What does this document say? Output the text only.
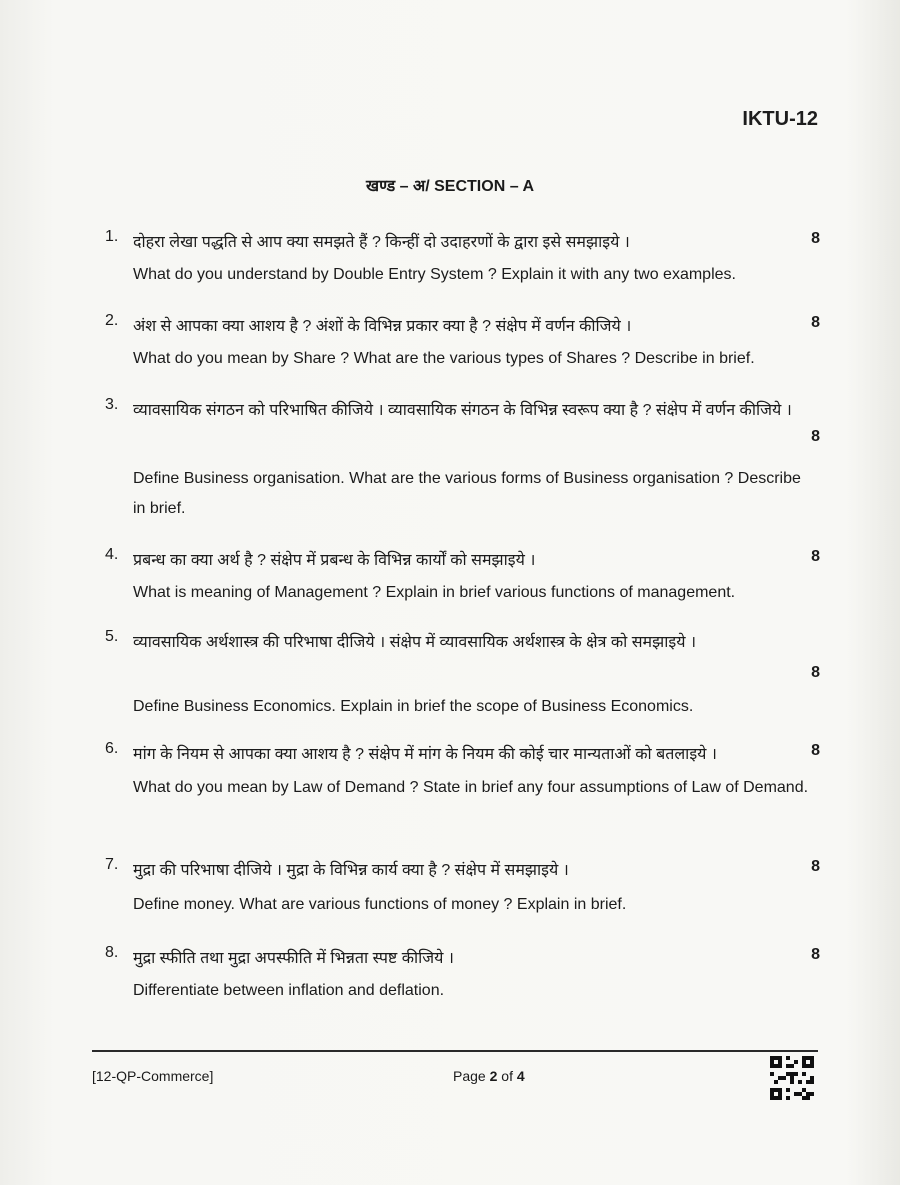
IKTU-12
खण्ड – अ/ SECTION – A
1. दोहरा लेखा पद्धति से आप क्या समझते हैं ? किन्हीं दो उदाहरणों के द्वारा इसे समझाइये ।	8
What do you understand by Double Entry System ? Explain it with any two examples.
2. अंश से आपका क्या आशय है ? अंशों के विभिन्न प्रकार क्या है ? संक्षेप में वर्णन कीजिये ।	8
What do you mean by Share ? What are the various types of Shares ? Describe in brief.
3. व्यावसायिक संगठन को परिभाषित कीजिये । व्यावसायिक संगठन के विभिन्न स्वरूप क्या है ? संक्षेप में वर्णन कीजिये ।
8
Define Business organisation. What are the various forms of Business organisation ? Describe in brief.
4. प्रबन्ध का क्या अर्थ है ? संक्षेप में प्रबन्ध के विभिन्न कार्यों को समझाइये ।	8
What is meaning of Management ? Explain in brief various functions of management.
5. व्यावसायिक अर्थशास्त्र की परिभाषा दीजिये । संक्षेप में व्यावसायिक अर्थशास्त्र के क्षेत्र को समझाइये ।
8
Define Business Economics. Explain in brief the scope of Business Economics.
6. मांग के नियम से आपका क्या आशय है ? संक्षेप में मांग के नियम की कोई चार मान्यताओं को बतलाइये ।	8
What do you mean by Law of Demand ? State in brief any four assumptions of Law of Demand.
7. मुद्रा की परिभाषा दीजिये । मुद्रा के विभिन्न कार्य क्या है ? संक्षेप में समझाइये ।	8
Define money. What are various functions of money ? Explain in brief.
8. मुद्रा स्फीति तथा मुद्रा अपस्फीति में भिन्नता स्पष्ट कीजिये ।	8
Differentiate between inflation and deflation.
[12-QP-Commerce]	Page 2 of 4
